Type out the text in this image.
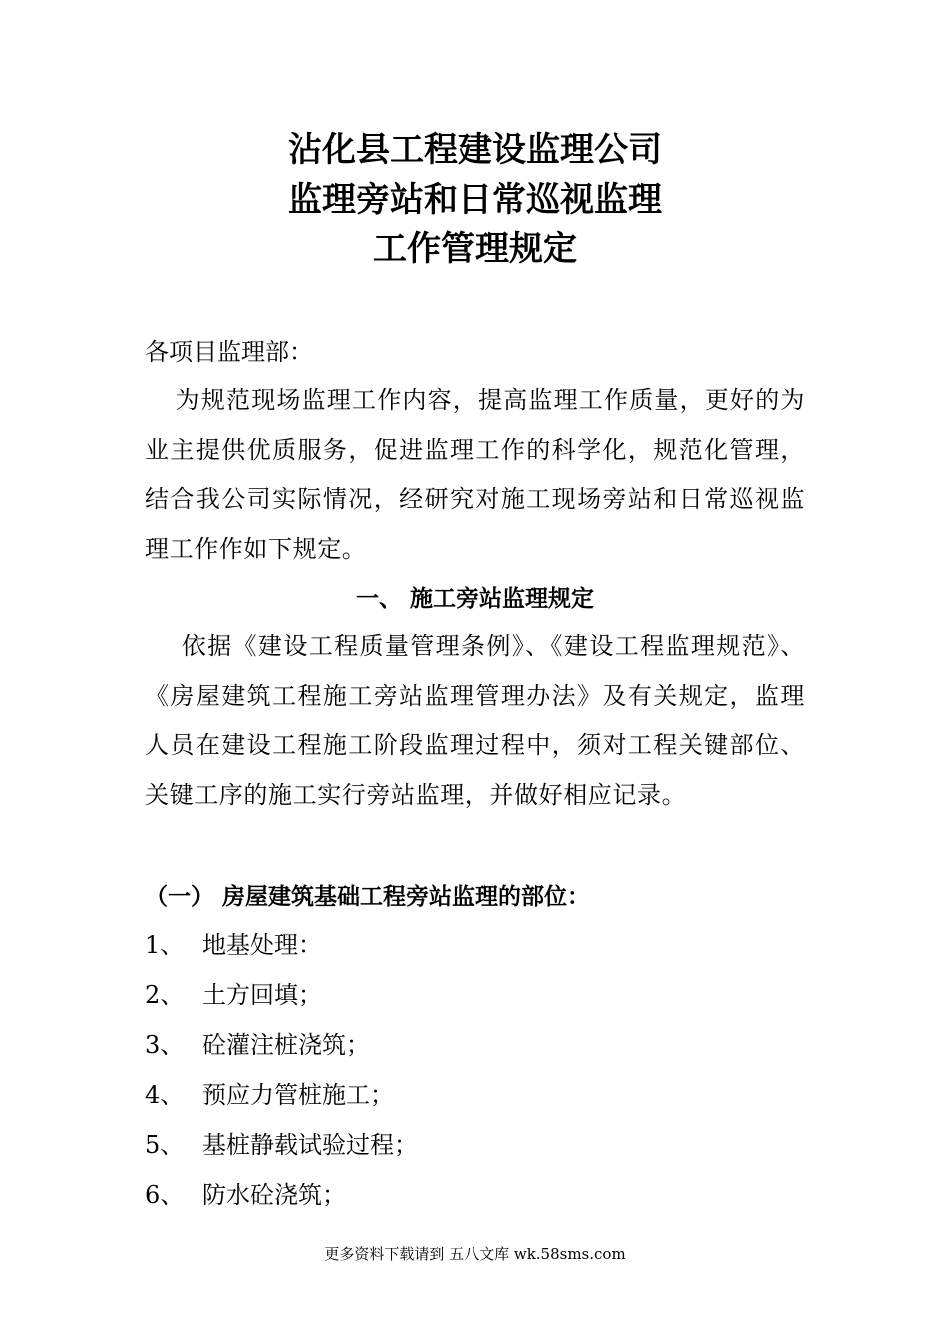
沾化县工程建设监理公司
监理旁站和日常巡视监理
工作管理规定
各项目监理部：
为规范现场监理工作内容，提高监理工作质量，更好的为业主提供优质服务，促进监理工作的科学化，规范化管理，结合我公司实际情况，经研究对施工现场旁站和日常巡视监理工作作如下规定。
一、 施工旁站监理规定
依据《建设工程质量管理条例》、《建设工程监理规范》、《房屋建筑工程施工旁站监理管理办法》及有关规定，监理人员在建设工程施工阶段监理过程中，须对工程关键部位、关键工序的施工实行旁站监理，并做好相应记录。
（一） 房屋建筑基础工程旁站监理的部位：
1、 地基处理：
2、 土方回填；
3、 砼灌注桩浇筑；
4、 预应力管桩施工；
5、 基桩静载试验过程；
6、 防水砼浇筑；
更多资料下载请到 五八文库 wk.58sms.com
